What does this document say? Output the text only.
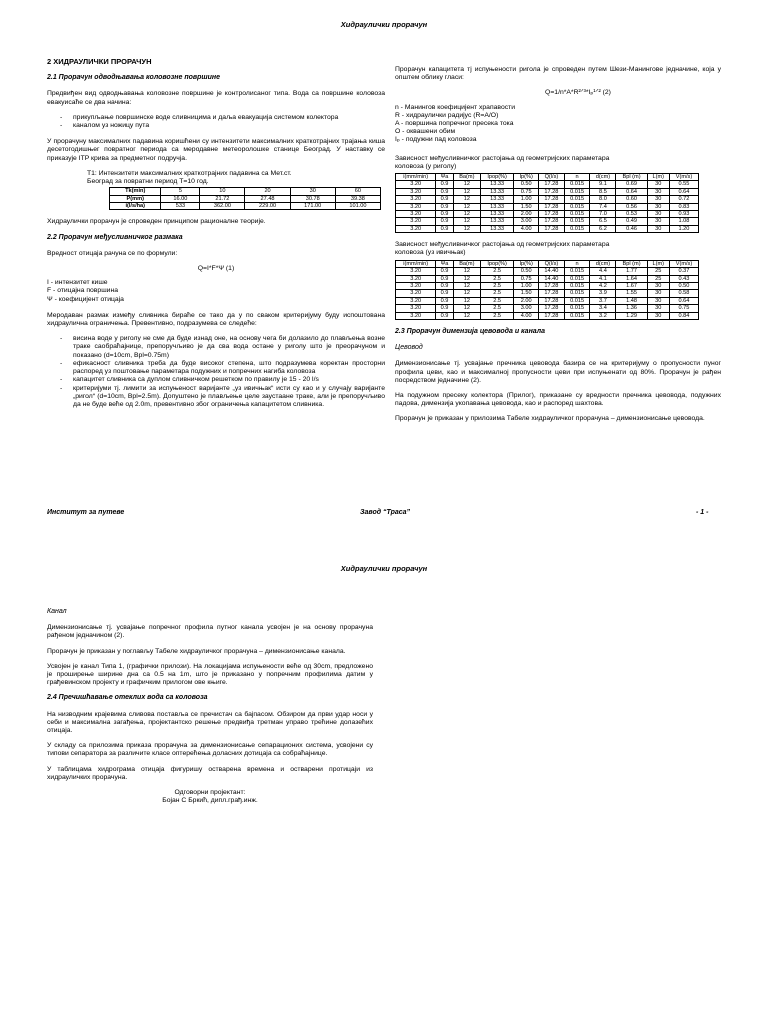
Хидраулички прорачун
2 ХИДРАУЛИЧКИ ПРОРАЧУН
2.1 Прорачун одводњавања коловозне површине

Предвиђен вид одводњавања коловозне површине је контролисаног типа. Вода са површине коловоза евакуисаће се два начина:

- прикупљање површинске воде сливницима и даља евакуација системом колектора
- каналом уз ножицу пута

У прорачуну максималних падавина коришћени су интензитети максималних краткотрајних трајања киша десетогодишњег повратног периода са меродавне метеоролошке станице Београд. У наставку се приказује ITP крива за предметног подручја.

Т1: Интензитети максималних краткотрајних падавина са Мет.ст.
Београд за повратни период Т=10 год.
Tk(min)	5	10	20	30	60
P(mm)	16.00	21.72	27.48	30.78	39.38
i(l/s/ha)	533	362.00	229.00	171.00	101.00

Хидраулички прорачун је спроведен принципом рационалне теорије.

2.2 Прорачун међусливничког размака

Вредност отицаја рачуна се по формули:

Q=I*F*Ψ (1)
I - интензитет кише
F - отицајна површина
Ψ - коефицијент отицаја

Меродаван размак између сливника бираће се тако да у по сваком критеријуму буду испоштована хидраулична ограничења. Превентивно, подразумева се следеће:

- висина воде у риголу не сме да буде изнад оне, на основу чега би долазило до плављења возне траке саобраћајнице, препоручљиво је да сва вода остане у риголу што је преорачуном и показано (d=10cm, Bpl=0.75m)
- ефикасност сливника треба да буде високог степена, што подразумева коректан просторни распоред уз поштовање параметара подужних и попречних нагиба коловоза
- капацитет сливника са дуплом сливничком решетком по правилу је 15 - 20 l/s
- критеријуми тј. лимити за испуњеност варијанте „уз ивичњак“ исти су као и у случају варијанте „ригол“ (d=10cm, Bpl=2.5m). Допуштено је плављење целе заустаане траке, али је препоручљиво да не буде веће од 2.0m, превентивно због ограничења капацитетом сливника.

Прорачун капацитета тј испуњености ригола је спроведен путем Шези-Манингове једначине, која у општем облику гласи:

Q=1/n*A*R²ᐟ³*Iₚ¹ᐟ² (2)
n - Манингов коефицијент храпавости
R - хидраулички радијус (R=A/O)
A - површина попречног пресека тока
O - оквашени обим
Iₚ - подужни пад коловоза
Зависност међусливничког растојања од геометријских параметара
коловоза (у риголу)
i(mm/min)	Ψa	Ba(m)	Ipop(%)	Ip(%)	Q(l/s)	n	d(cm)	Bpl (m)	L(m)	V(m/s)
3.20	0.9	12	13.33	0.50	17.28	0.015	9.1	0.69	30	0.55
3.20	0.9	12	13.33	0.75	17.28	0.015	8.5	0.64	30	0.64
3.20	0.9	12	13.33	1.00	17.28	0.015	8.0	0.60	30	0.72
3.20	0.9	12	13.33	1.50	17.28	0.015	7.4	0.56	30	0.83
3.20	0.9	12	13.33	2.00	17.28	0.015	7.0	0.53	30	0.93
3.20	0.9	12	13.33	3.00	17.28	0.015	6.5	0.49	30	1.08
3.20	0.9	12	13.33	4.00	17.28	0.015	6.2	0.46	30	1.20
Зависност међусливничког растојања од геометријских параметара
коловоза (уз ивичњак)
i(mm/min)	Ψa	Ba(m)	Ipop(%)	Ip(%)	Q(l/s)	n	d(cm)	Bpl (m)	L(m)	V(m/s)
3.20	0.9	12	2.5	0.50	14.40	0.015	4.4	1.77	25	0.37
3.20	0.9	12	2.5	0.75	14.40	0.015	4.1	1.64	25	0.43
3.20	0.9	12	2.5	1.00	17.28	0.015	4.2	1.67	30	0.50
3.20	0.9	12	2.5	1.50	17.28	0.015	3.9	1.55	30	0.58
3.20	0.9	12	2.5	2.00	17.28	0.015	3.7	1.48	30	0.64
3.20	0.9	12	2.5	3.00	17.28	0.015	3.4	1.36	30	0.75
3.20	0.9	12	2.5	4.00	17.28	0.015	3.2	1.29	30	0.84
2.3 Прорачун димензија цевовода и канала
Цевовод

Димензионисање тј. усвајање пречника цевовода базира се на критеријуму о пропусности пуног профила цеви, као и максималној пропусности цеви при испуњенати од 80%. Прорачун је рађен посредством једначине (2).

На подужном пресеку колектора (Прилог), приказане су вредности пречника цевовода, подужних падова, димензија укопавања цевовода, као и распоред шахтова.

Прорачун је приказан у прилозима Табеле хидрауличког прорачуна – димензионисање цевовода.

Институт за путеве	Завод “Траса”	- 1 -
Хидраулички прорачун
Канал

Димензионисање тј. усвајање попречног профила путног канала усвојен је на основу прорачуна рађеном једначином (2).

Прорачун је приказан у поглављу Табеле хидрауличког прорачуна – димензионисање канала.

Усвојен је канал Типа 1, (графички прилози). На локацијама испуњености веће од 30cm, предложено је проширење ширине дна са 0.5 на 1m, што је приказано у попречним профилима датим у грађевинском пројекту и графичким прилогом ове књиге.

2.4 Пречишћавање отеклих вода са коловоза

На низводним крајевима сливова поставља се пречистач са бајпасом. Обзиром да први удар носи у себи и максимална загађења, пројектантско решење предвиђа третман управо трећине долазећих отицаја.

У складу са прилозима приказа прорачуна за димензионисање сепарационих система, усвојени су типови сепаратора за различите класе оптерећења доласних дотицаја са собраћајнице.

У таблицама хидрограма отицаја фигуришу остварена времена и остварени протицаји из хидрауличких прорачуна.

Одговорни пројектант:
Бојан С Бркић, дипл.грађ.инж.
